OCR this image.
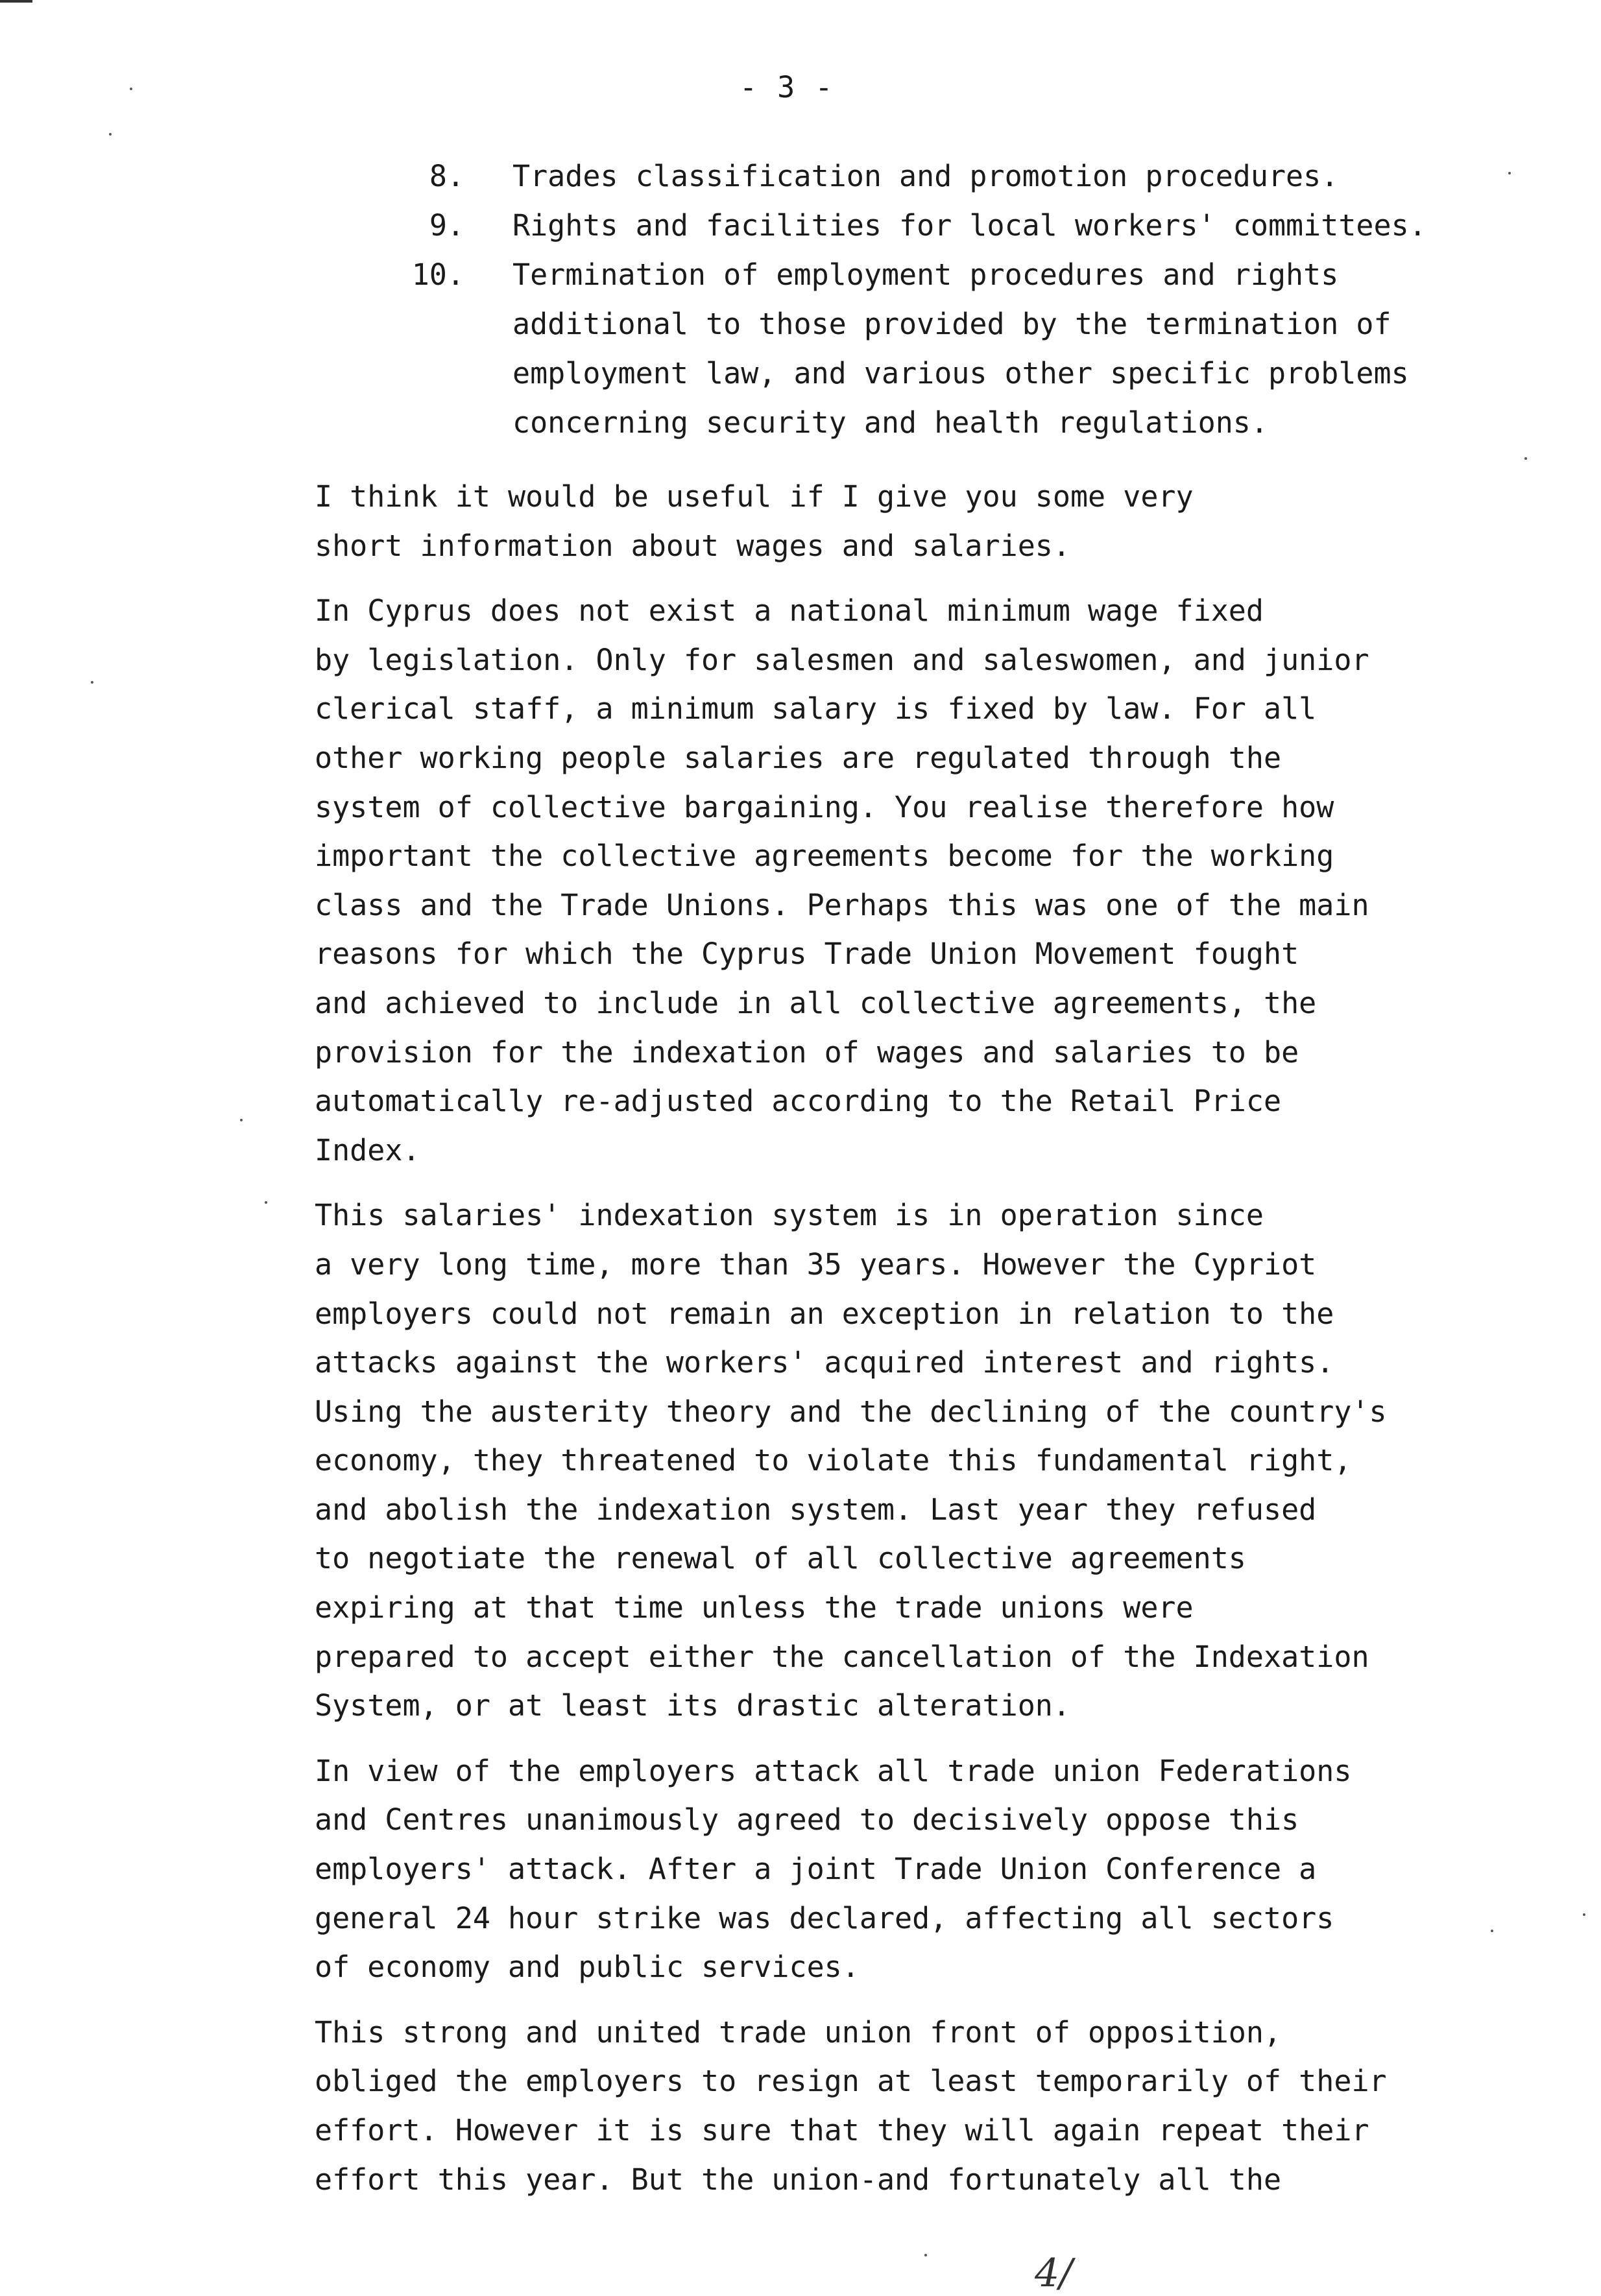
- 3 -
8. Trades classification and promotion procedures.
9. Rights and facilities for local workers' committees.
10. Termination of employment procedures and rights
additional to those provided by the termination of
employment law, and various other specific problems
concerning security and health regulations.

I think it would be useful if I give you some very
short information about wages and salaries.

In Cyprus does not exist a national minimum wage fixed
by legislation. Only for salesmen and saleswomen, and junior
clerical staff, a minimum salary is fixed by law. For all
other working people salaries are regulated through the
system of collective bargaining. You realise therefore how
important the collective agreements become for the working
class and the Trade Unions. Perhaps this was one of the main
reasons for which the Cyprus Trade Union Movement fought
and achieved to include in all collective agreements, the
provision for the indexation of wages and salaries to be
automatically re-adjusted according to the Retail Price
Index.

This salaries' indexation system is in operation since
a very long time, more than 35 years. However the Cypriot
employers could not remain an exception in relation to the
attacks against the workers' acquired interest and rights.
Using the austerity theory and the declining of the country's
economy, they threatened to violate this fundamental right,
and abolish the indexation system. Last year they refused
to negotiate the renewal of all collective agreements
expiring at that time unless the trade unions were
prepared to accept either the cancellation of the Indexation
System, or at least its drastic alteration.

In view of the employers attack all trade union Federations
and Centres unanimously agreed to decisively oppose this
employers' attack. After a joint Trade Union Conference a
general 24 hour strike was declared, affecting all sectors
of economy and public services.

This strong and united trade union front of opposition,
obliged the employers to resign at least temporarily of their
effort. However it is sure that they will again repeat their
effort this year. But the union-and fortunately all the

4/
